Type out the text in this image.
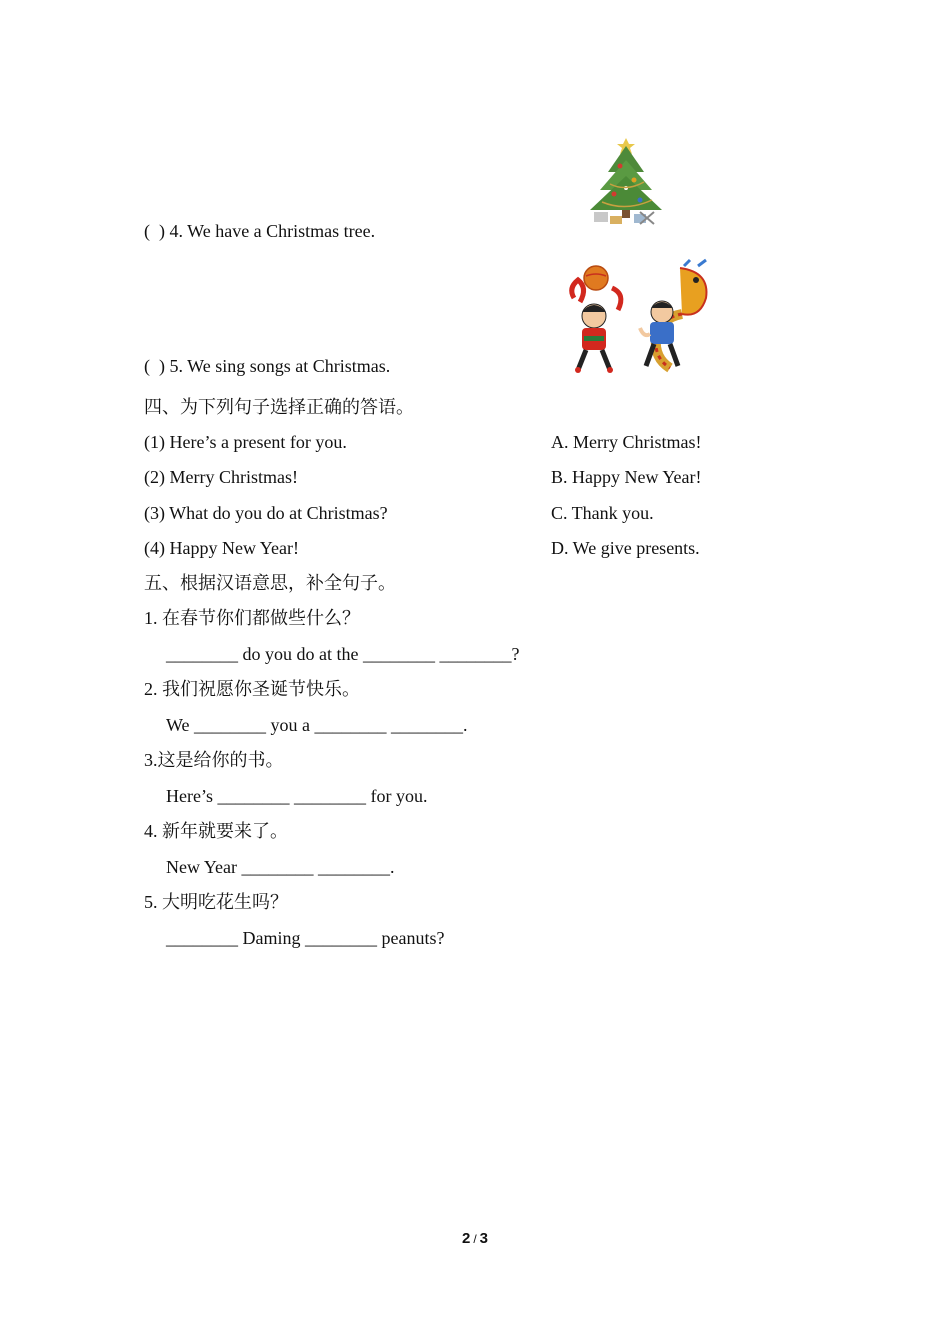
(  ) 4. We have a Christmas tree.
(  ) 5. We sing songs at Christmas.
四、为下列句子选择正确的答语。
(1) Here’s a present for you.	A. Merry Christmas!
(2) Merry Christmas!	B. Happy New Year!
(3) What do you do at Christmas?	C. Thank you.
(4) Happy New Year!	D. We give presents.
五、根据汉语意思，补全句子。
1. 在春节你们都做些什么？
________ do you do at the ________ ________?
2. 我们祝愿你圣诞节快乐。
We ________ you a ________ ________.
3.这是给你的书。
Here’s ________ ________ for you.
4. 新年就要来了。
New Year ________ ________.
5. 大明吃花生吗？
________ Daming ________ peanuts?
2 / 3
